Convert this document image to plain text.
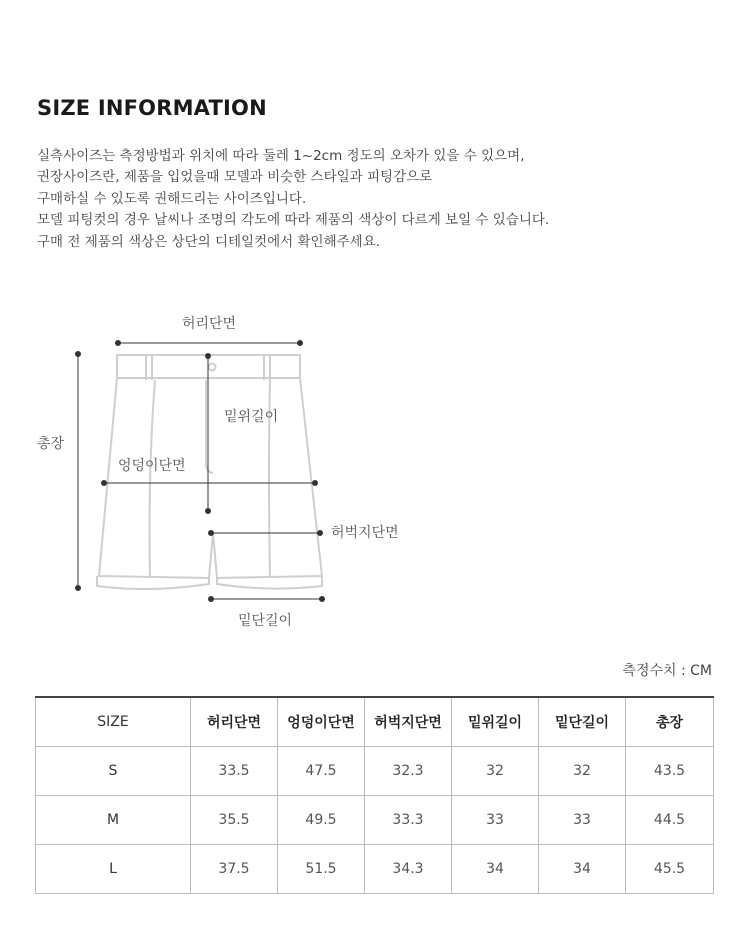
SIZE INFORMATION
실측사이즈는 측정방법과 위치에 따라 둘레 1~2cm 정도의 오차가 있을 수 있으며,
권장사이즈란, 제품을 입었을때 모델과 비슷한 스타일과 피팅감으로
구매하실 수 있도록 권해드리는 사이즈입니다.
모델 피팅컷의 경우 날씨나 조명의 각도에 따라 제품의 색상이 다르게 보일 수 있습니다.
구매 전 제품의 색상은 상단의 디테일컷에서 확인해주세요.
허리단면
총장
밑위길이
엉덩이단면
허벅지단면
밑단길이
측정수치 : CM
SIZE	허리단면	엉덩이단면	허벅지단면	밑위길이	밑단길이	총장
S	33.5	47.5	32.3	32	32	43.5
M	35.5	49.5	33.3	33	33	44.5
L	37.5	51.5	34.3	34	34	45.5
